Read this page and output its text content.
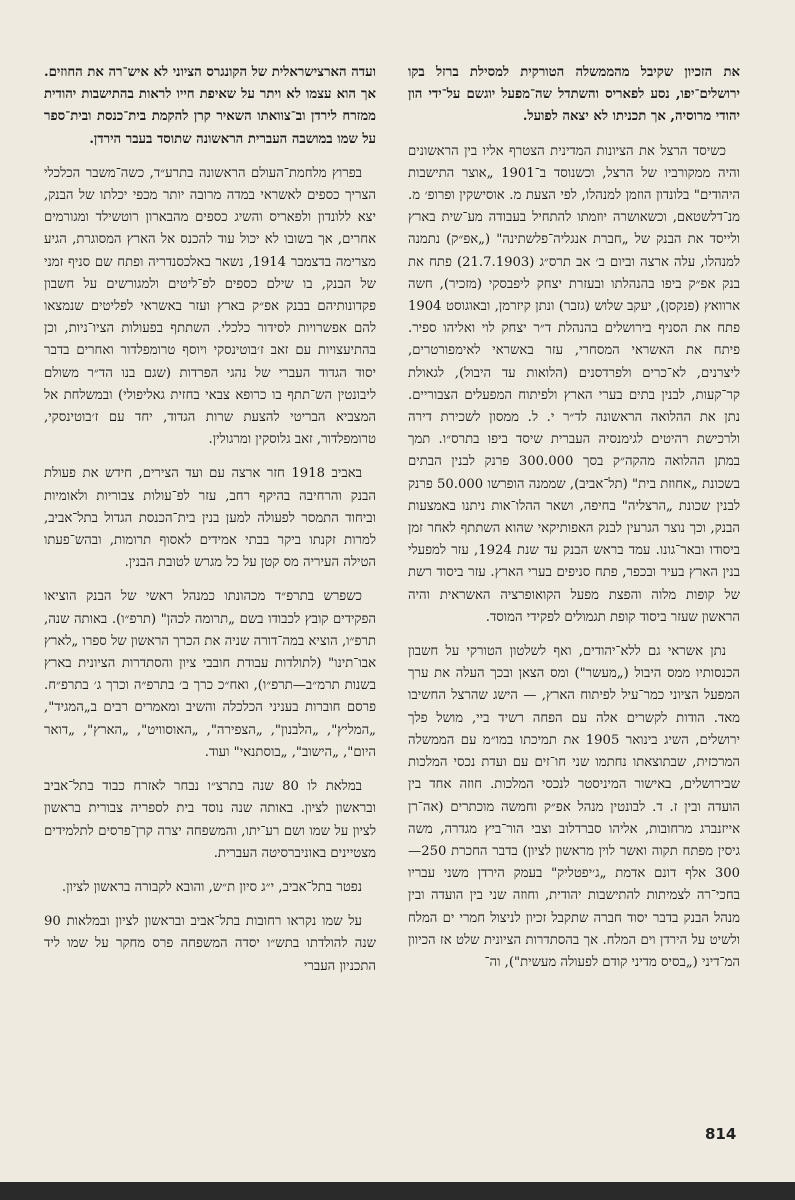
את הזכיון שקיבל מהממשלה הטורקית למסילת ברזל בקו ירושלים־יפו, נסע לפאריס והשתדל שה־מפעל יוגשם על־ידי הון יהודי מרוסיה, אך תכניתו לא יצאה לפועל.

כשיסד הרצל את הציונות המדינית הצטרף אליו בין הראשונים והיה ממקורביו של הרצל, וכשנוסד ב־1901 „אוצר התישבות היהודים" בלונדון הוזמן למנהלו, לפי הצעת מ. אוסישקין ופרופ׳ מ. מנ־דלשטאם, וכשאושרה יוזמתו להתחיל בעבודה מע־שית בארץ ולייסד את הבנק של „חברת אנגליה־פלשתינה" („אפ״ק) נתמנה למנהלו, עלה ארצה וביום ב׳ אב תרס״ג (21.7.1903) פתח את בנק אפ״ק ביפו בהנהלתו ובעזרת יצחק ליפבסקי (מזכיר), חשה ארוואץ (פנקסן), יעקב שלוש (גזבר) ונתן קיזרמן, ובאוגוסט 1904 פתח את הסניף בירושלים בהנהלת ד״ר יצחק לוי ואליהו ספיר. פיתח את האשראי המסחרי, עזר באשראי לאימפורטרים, ליצרנים, לא־כרים ולפרדסנים (הלואות עד היבול), לגאולת קר־קעות, לבנין בתים בערי הארץ ולפיתוח המפעלים הצבוריים. נתן את ההלואה הראשונה לד״ר י. ל. ממסון לשכירת דירה ולרכישת רהיטים לגימנסיה העברית שיסד ביפו בתרס״ו. תמך במתן ההלואה מהקה״ק בסך 300.000 פרנק לבנין הבתים בשכונת „אחוזת בית" (תל־אביב), שממנה הופרשו 50.000 פרנק לבנין שכונת „הרצליה" בחיפה, ושאר ההלו־אות ניתנו באמצעות הבנק, וכך נוצר הגרעין לבנק האפותיקאי שהוא השתתף לאחר זמן ביסודו ובאר־גונו. עמד בראש הבנק עד שנת 1924, עזר למפעלי בנין הארץ בעיר ובכפר, פתח סניפים בערי הארץ. עזר ביסוד רשת של קופות מלוה והפצת מפעל הקואופרציה האשראית והיה הראשון שעזר ביסוד קופת תגמולים לפקידי המוסד.

נתן אשראי גם ללא־יהודים, ואף לשלטון הטורקי על חשבון הכנסותיו ממס היבול („מעשר") ומס הצאן ובכך העלה את ערך המפעל הציוני כמר־עיל לפיתוח הארץ, — הישג שהרצל החשיבו מאד. הודות לקשרים אלה עם הפחה רשיד ביי, מושל פלך ירושלים, השיג בינואר 1905 את תמיכתו במו״מ עם הממשלה המרכזית, שבתוצאתו נחתמו שני חו־זים עם ועדת נכסי המלכות שבירושלים, באישור המיניסטר לנכסי המלכות. חוזה אחד בין הועדה ובין ז. ד. לבונטין מנהל אפ״ק וחמשה מוכתרים (אה־רן אייזנברג מרחובות, אליהו סברדלוב וצבי הור־ביץ מגדרה, משה גיסין מפתח תקוה ואשר לוין מראשון לציון) בדבר החכרת 250—300 אלף דונם אדמת „ג׳יפטליק" בעמק הירדן משני עבריו בחכי־רה לצמיתות להתישבות יהודית, וחוזה שני בין הועדה ובין מנהל הבנק בדבר יסוד חברה שתקבל זכיון לניצול חמרי ים המלח ולשיט על הירדן וים המלח. אך בהסתדרות הציונית שלט אז הכיוון המ־דיני („בסיס מדיני קודם לפעולה מעשית"), וה־

ועדה הארצישראלית של הקונגרס הציוני לא איש־רה את החוזים. אך הוא עצמו לא ויתר על שאיפת חייו לראות בהתישבות יהודית ממזרח לירדן וב־צוואתו השאיר קרן להקמת בית־כנסת ובית־ספר על שמו במושבה העברית הראשונה שתוסד בעבר הירדן.

בפרוץ מלחמת־העולם הראשונה בתרע״ד, כשה־משבר הכלכלי הצריך כספים לאשראי במדה מרובה יותר מכפי יכלתו של הבנק, יצא ללונדון ולפאריס והשיג כספים מהבארון רוטשילד ומגורמים אחרים, אך בשובו לא יכול עוד להכנס אל הארץ המסוגרת, הגיע מצרימה בדצמבר 1914, נשאר באלכסנדריה ופתח שם סניף זמני של הבנק, בו שילם כספים לפ־ליטים ולמגורשים על חשבון פקדונותיהם בבנק אפ״ק בארץ ועזר באשראי לפליטים שנמצאו להם אפשרויות לסידור כלכלי. השתתף בפעולות הציו־ניות, וכן בהתיעצויות עם זאב ז׳בוטינסקי ויוסף טרומפלדור ואחרים בדבר יסוד הגדוד העברי של נהגי הפרדות (שגם בנו הד״ר משולם ליבונטין הש־תתף בו כרופא צבאי בחזית גאליפולי) ובמשלחת אל המצביא הבריטי להצעת שרות הגדוד, יחד עם ז׳בוטינסקי, טרומפלדור, זאב גלוסקין ומרגולין.

באביב 1918 חזר ארצה עם ועד הצירים, חידש את פעולת הבנק והרחיבה בהיקף רחב, עזר לפ־עולות צבוריות ולאומיות וביחוד התמסר לפעולה למען בנין בית־הכנסת הגדול בתל־אביב, למרות זקנתו ביקר בבתי אמידים לאסוף תרומות, ובהש־פעתו הטילה העיריה מס קטן על כל מגרש לטובת הבנין.

כשפרש בתרפ״ד מכהונתו כמנהל ראשי של הבנק הוציאו הפקידים קובץ לכבודו בשם „תרומה לכהן" (תרפ״ו). באותה שנה, תרפ״ו, הוציא במה־דורה שניה את הכרך הראשון של ספרו „לארץ אבו־תינו" (לתולדות עבודת חובבי ציון והסתדרות הציונית בארץ בשנות תרמ״ב—תרפ״ו), ואח״כ כרך ב׳ בתרפ״ה וכרך ג׳ בתרפ״ח. פרסם חוברות בעניני הכלכלה והשיב ומאמרים רבים ב„המגיד", „המליץ", „הלבנון", „הצפירה", „האוסוויט", „הארץ", „דואר היום", „הישוב", „בוסתנאי" ועוד.

במלאת לו 80 שנה בתרצ״ו נבחר לאזרח כבוד בתל־אביב ובראשון לציון. באותה שנה נוסד בית לספריה צבורית בראשון לציון על שמו ושם רע־יתו, והמשפחה יצרה קרן־פרסים לתלמידים מצטיינים באוניברסיטה העברית.

נפטר בתל־אביב, י״ג סיון ת״ש, והובא לקבורה בראשון לציון.

על שמו נקראו רחובות בתל־אביב ובראשון לציון ובמלאות 90 שנה להולדתו בתש״ו יסדה המשפחה פרס מחקר על שמו ליד התכניון העברי

814
